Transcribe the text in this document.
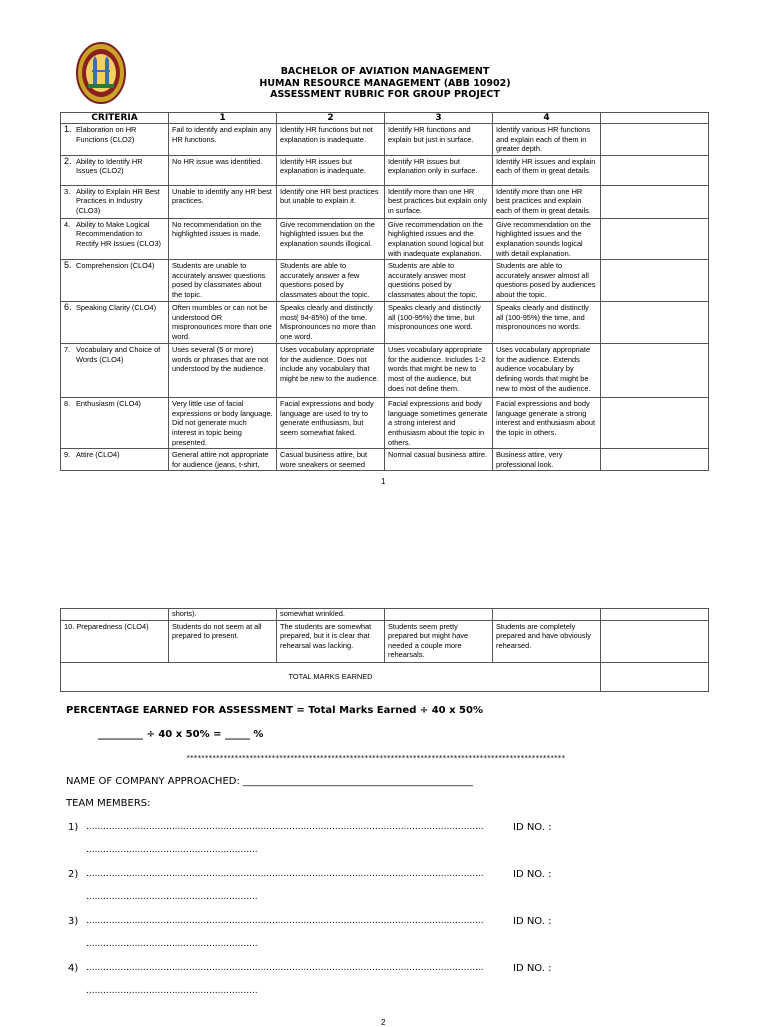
BACHELOR OF AVIATION MANAGEMENT
HUMAN RESOURCE MANAGEMENT (ABB 10902)
ASSESSMENT RUBRIC FOR GROUP PROJECT
CRITERIA	1	2	3	4	

1. Elaboration on HR Functions (CLO2)	Fail to identify and explain any HR functions.	Identify HR functions but not explanation is inadequate.	Identify HR functions and explain but just in surface.	Identify various HR functions and explain each of them in greater depth.	

2. Ability to Identify HR Issues (CLO2)	No HR issue was identified.	Identify HR issues but explanation is inadequate.	Identify HR issues but explanation only in surface.	Identify HR issues and explain each of them in great details.	

3. Ability to Explain HR Best Practices in Industry (CLO3)	Unable to identify any HR best practices.	Identify one HR best practices but unable to explain it.	Identify more than one HR best practices but explain only in surface.	Identify more than one HR best practices and explain each of them in great details.	

4. Ability to Make Logical Recommendation to Rectify HR Issues (CLO3)	No recommendation on the highlighted issues is made.	Give recommendation on the highlighted issues but the explanation sounds illogical.	Give recommendation on the highlighted issues and the explanation sound logical but with inadequate explanation.	Give recommendation on the highlighted issues and the explanation sounds logical with detail explanation.	

5. Comprehension (CLO4)	Students are unable to accurately answer questions posed by classmates about the topic.	Students are able to accurately answer a few questions posed by classmates about the topic.	Students are able to accurately answer most questions posed by classmates about the topic.	Students are able to accurately answer almost all questions posed by audiences about the topic.	

6. Speaking Clarity (CLO4)	Often mumbles or can not be understood OR mispronounces more than one word.	Speaks clearly and distinctly most( 94-85%) of the time. Mispronounces no more than one word.	Speaks clearly and distinctly all (100-95%) the time, but mispronounces one word.	Speaks clearly and distinctly all (100-95%) the time, and mispronounces no words.	

7. Vocabulary and Choice of Words (CLO4)	Uses several (5 or more) words or phrases that are not understood by the audience.	Uses vocabulary appropriate for the audience. Does not include any vocabulary that might be new to the audience.	Uses vocabulary appropriate for the audience. Includes 1-2 words that might be new to most of the audience, but does not define them.	Uses vocabulary appropriate for the audience. Extends audience vocabulary by defining words that might be new to most of the audience.	

8. Enthusiasm (CLO4)	Very little use of facial expressions or body language. Did not generate much interest in topic being presented.	Facial expressions and body language are used to try to generate enthusiasm, but seem somewhat faked.	Facial expressions and body language sometimes generate a strong interest and enthusiasm about the topic in others.	Facial expressions and body language generate a strong interest and enthusiasm about the topic in others.	

9. Attire (CLO4)	General attire not appropriate for audience (jeans, t-shirt,	Casual business attire, but wore sneakers or seemed	Normal casual business attire.	Business attire, very professional look.	
1
	shorts).	somewhat wrinkled.			
10. Preparedness (CLO4)	Students do not seem at all prepared to present.	The students are somewhat prepared, but it is clear that rehearsal was lacking.	Students seem pretty prepared but might have needed a couple more rehearsals.	Students are completely prepared and have obviously rehearsed.	
TOTAL MARKS EARNED					
PERCENTAGE EARNED FOR ASSESSMENT = Total Marks Earned ÷ 40 x 50%
_________ ÷ 40 x 50% = _____ %
******************************************************************************************************
NAME OF COMPANY APPROACHED: ______________________________________________
TEAM MEMBERS:
1) ...........................................................................................................................................	ID NO. :
............................................................
2) ...........................................................................................................................................	ID NO. :
............................................................
3) ...........................................................................................................................................	ID NO. :
............................................................
4) ...........................................................................................................................................	ID NO. :
............................................................
2
